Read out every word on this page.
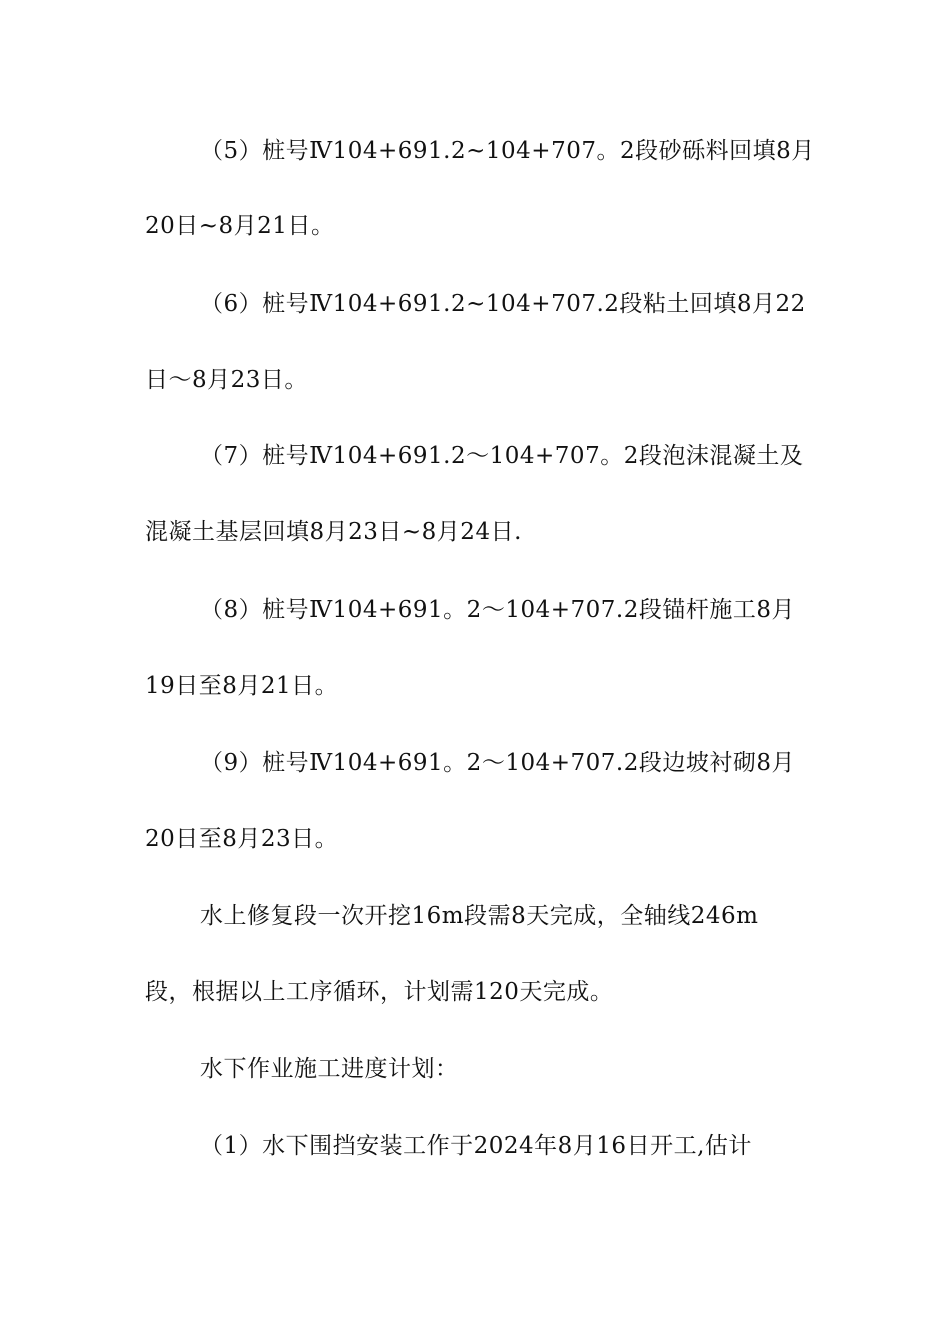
（5）桩号Ⅳ104+691.2~104+707。2段砂砾料回填8月
20日~8月21日。
（6）桩号Ⅳ104+691.2~104+707.2段粘土回填8月22
日～8月23日。
（7）桩号Ⅳ104+691.2～104+707。2段泡沫混凝土及
混凝土基层回填8月23日~8月24日.
（8）桩号Ⅳ104+691。2～104+707.2段锚杆施工8月
19日至8月21日。
（9）桩号Ⅳ104+691。2～104+707.2段边坡衬砌8月
20日至8月23日。
水上修复段一次开挖16m段需8天完成，全轴线246m
段，根据以上工序循环，计划需120天完成。
水下作业施工进度计划：
（1）水下围挡安装工作于2024年8月16日开工,估计
